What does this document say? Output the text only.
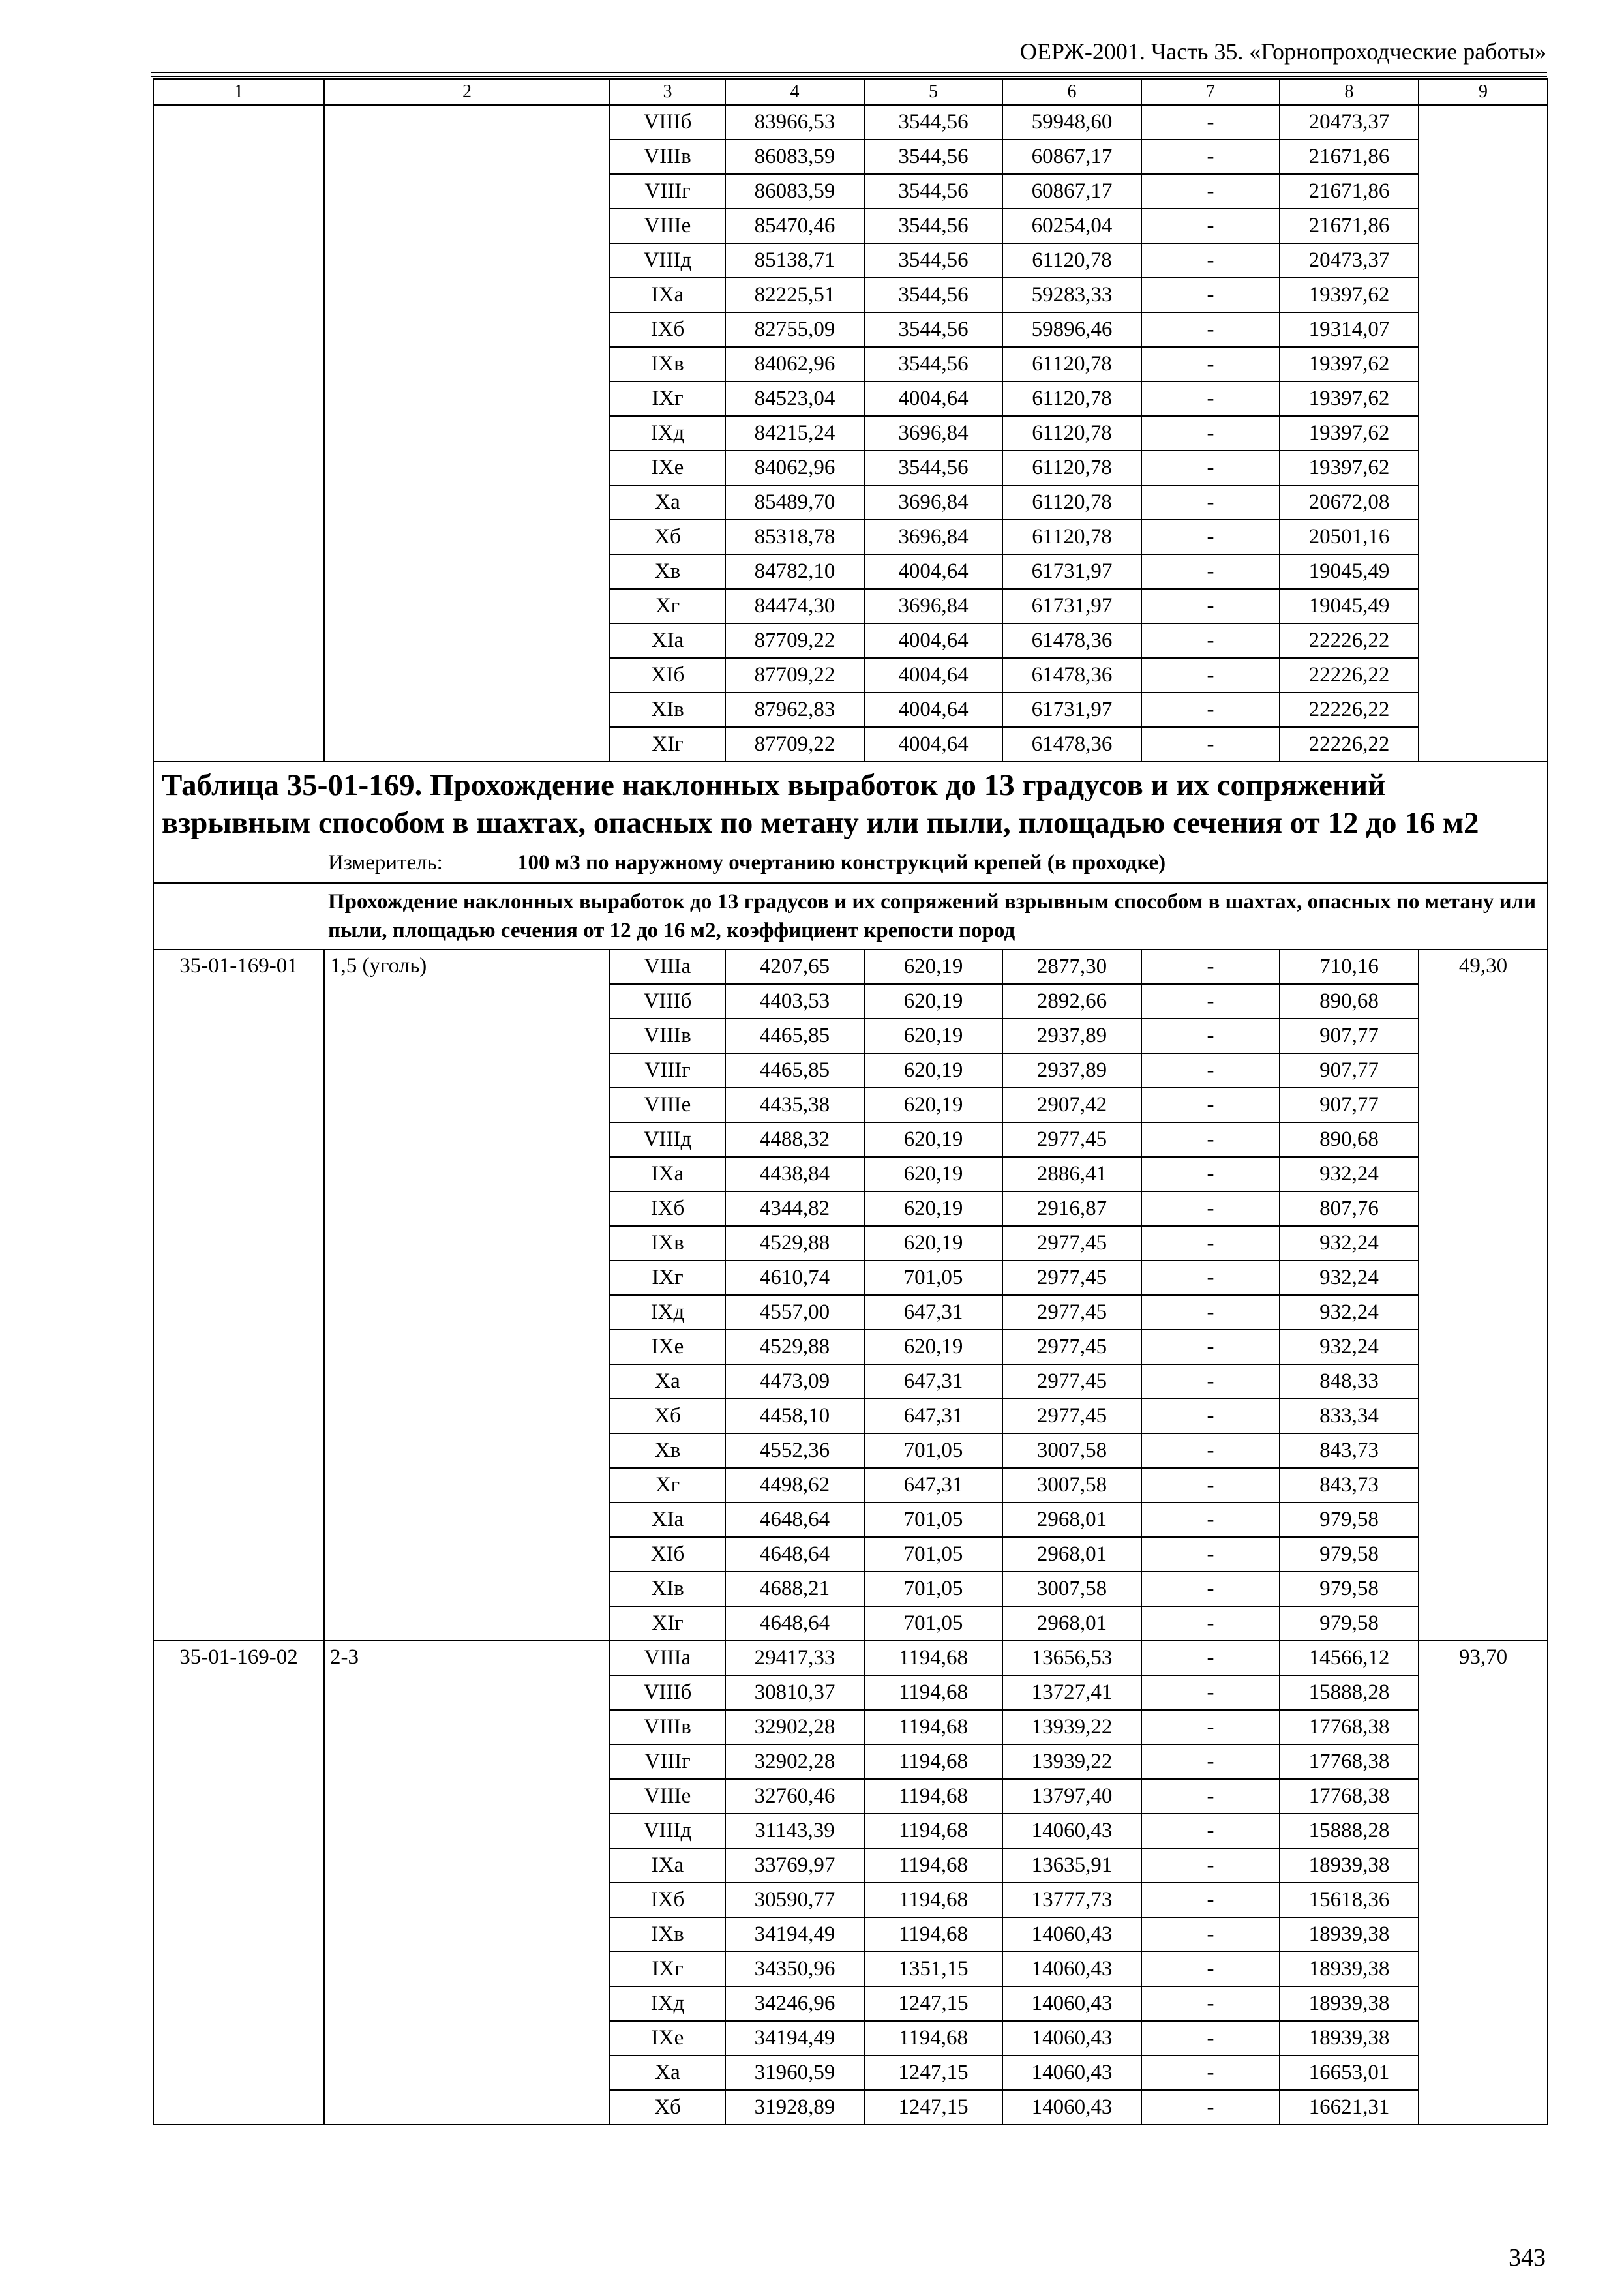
ОЕРЖ-2001. Часть 35. «Горнопроходческие работы»
1	2	3	4	5	6	7	8	9
		VIIIб	83966,53	3544,56	59948,60	-	20473,37	
		VIIIв	86083,59	3544,56	60867,17	-	21671,86	
		VIIIг	86083,59	3544,56	60867,17	-	21671,86	
		VIIIе	85470,46	3544,56	60254,04	-	21671,86	
		VIIIд	85138,71	3544,56	61120,78	-	20473,37	
		IXа	82225,51	3544,56	59283,33	-	19397,62	
		IXб	82755,09	3544,56	59896,46	-	19314,07	
		IXв	84062,96	3544,56	61120,78	-	19397,62	
		IXг	84523,04	4004,64	61120,78	-	19397,62	
		IXд	84215,24	3696,84	61120,78	-	19397,62	
		IXе	84062,96	3544,56	61120,78	-	19397,62	
		Xа	85489,70	3696,84	61120,78	-	20672,08	
		Xб	85318,78	3696,84	61120,78	-	20501,16	
		Xв	84782,10	4004,64	61731,97	-	19045,49	
		Xг	84474,30	3696,84	61731,97	-	19045,49	
		XIа	87709,22	4004,64	61478,36	-	22226,22	
		XIб	87709,22	4004,64	61478,36	-	22226,22	
		XIв	87962,83	4004,64	61731,97	-	22226,22	
		XIг	87709,22	4004,64	61478,36	-	22226,22	

Таблица 35-01-169. Прохождение наклонных выработок до 13 градусов и их сопряжений взрывным способом в шахтах, опасных по метану или пыли, площадью сечения от 12 до 16 м2
Измеритель: 100 м3 по наружному очертанию конструкций крепей (в проходке)								

Прохождение наклонных выработок до 13 градусов и их сопряжений взрывным способом в шахтах, опасных по метану или пыли, площадью сечения от 12 до 16 м2, коэффициент крепости пород								
35-01-169-01	1,5 (уголь)	VIIIа	4207,65	620,19	2877,30	-	710,16	49,30
		VIIIб	4403,53	620,19	2892,66	-	890,68	
		VIIIв	4465,85	620,19	2937,89	-	907,77	
		VIIIг	4465,85	620,19	2937,89	-	907,77	
		VIIIе	4435,38	620,19	2907,42	-	907,77	
		VIIIд	4488,32	620,19	2977,45	-	890,68	
		IXа	4438,84	620,19	2886,41	-	932,24	
		IXб	4344,82	620,19	2916,87	-	807,76	
		IXв	4529,88	620,19	2977,45	-	932,24	
		IXг	4610,74	701,05	2977,45	-	932,24	
		IXд	4557,00	647,31	2977,45	-	932,24	
		IXе	4529,88	620,19	2977,45	-	932,24	
		Xа	4473,09	647,31	2977,45	-	848,33	
		Xб	4458,10	647,31	2977,45	-	833,34	
		Xв	4552,36	701,05	3007,58	-	843,73	
		Xг	4498,62	647,31	3007,58	-	843,73	
		XIа	4648,64	701,05	2968,01	-	979,58	
		XIб	4648,64	701,05	2968,01	-	979,58	
		XIв	4688,21	701,05	3007,58	-	979,58	
		XIг	4648,64	701,05	2968,01	-	979,58	
35-01-169-02	2-3	VIIIа	29417,33	1194,68	13656,53	-	14566,12	93,70
		VIIIб	30810,37	1194,68	13727,41	-	15888,28	
		VIIIв	32902,28	1194,68	13939,22	-	17768,38	
		VIIIг	32902,28	1194,68	13939,22	-	17768,38	
		VIIIе	32760,46	1194,68	13797,40	-	17768,38	
		VIIIд	31143,39	1194,68	14060,43	-	15888,28	
		IXа	33769,97	1194,68	13635,91	-	18939,38	
		IXб	30590,77	1194,68	13777,73	-	15618,36	
		IXв	34194,49	1194,68	14060,43	-	18939,38	
		IXг	34350,96	1351,15	14060,43	-	18939,38	
		IXд	34246,96	1247,15	14060,43	-	18939,38	
		IXе	34194,49	1194,68	14060,43	-	18939,38	
		Xа	31960,59	1247,15	14060,43	-	16653,01	
		Xб	31928,89	1247,15	14060,43	-	16621,31	
343
